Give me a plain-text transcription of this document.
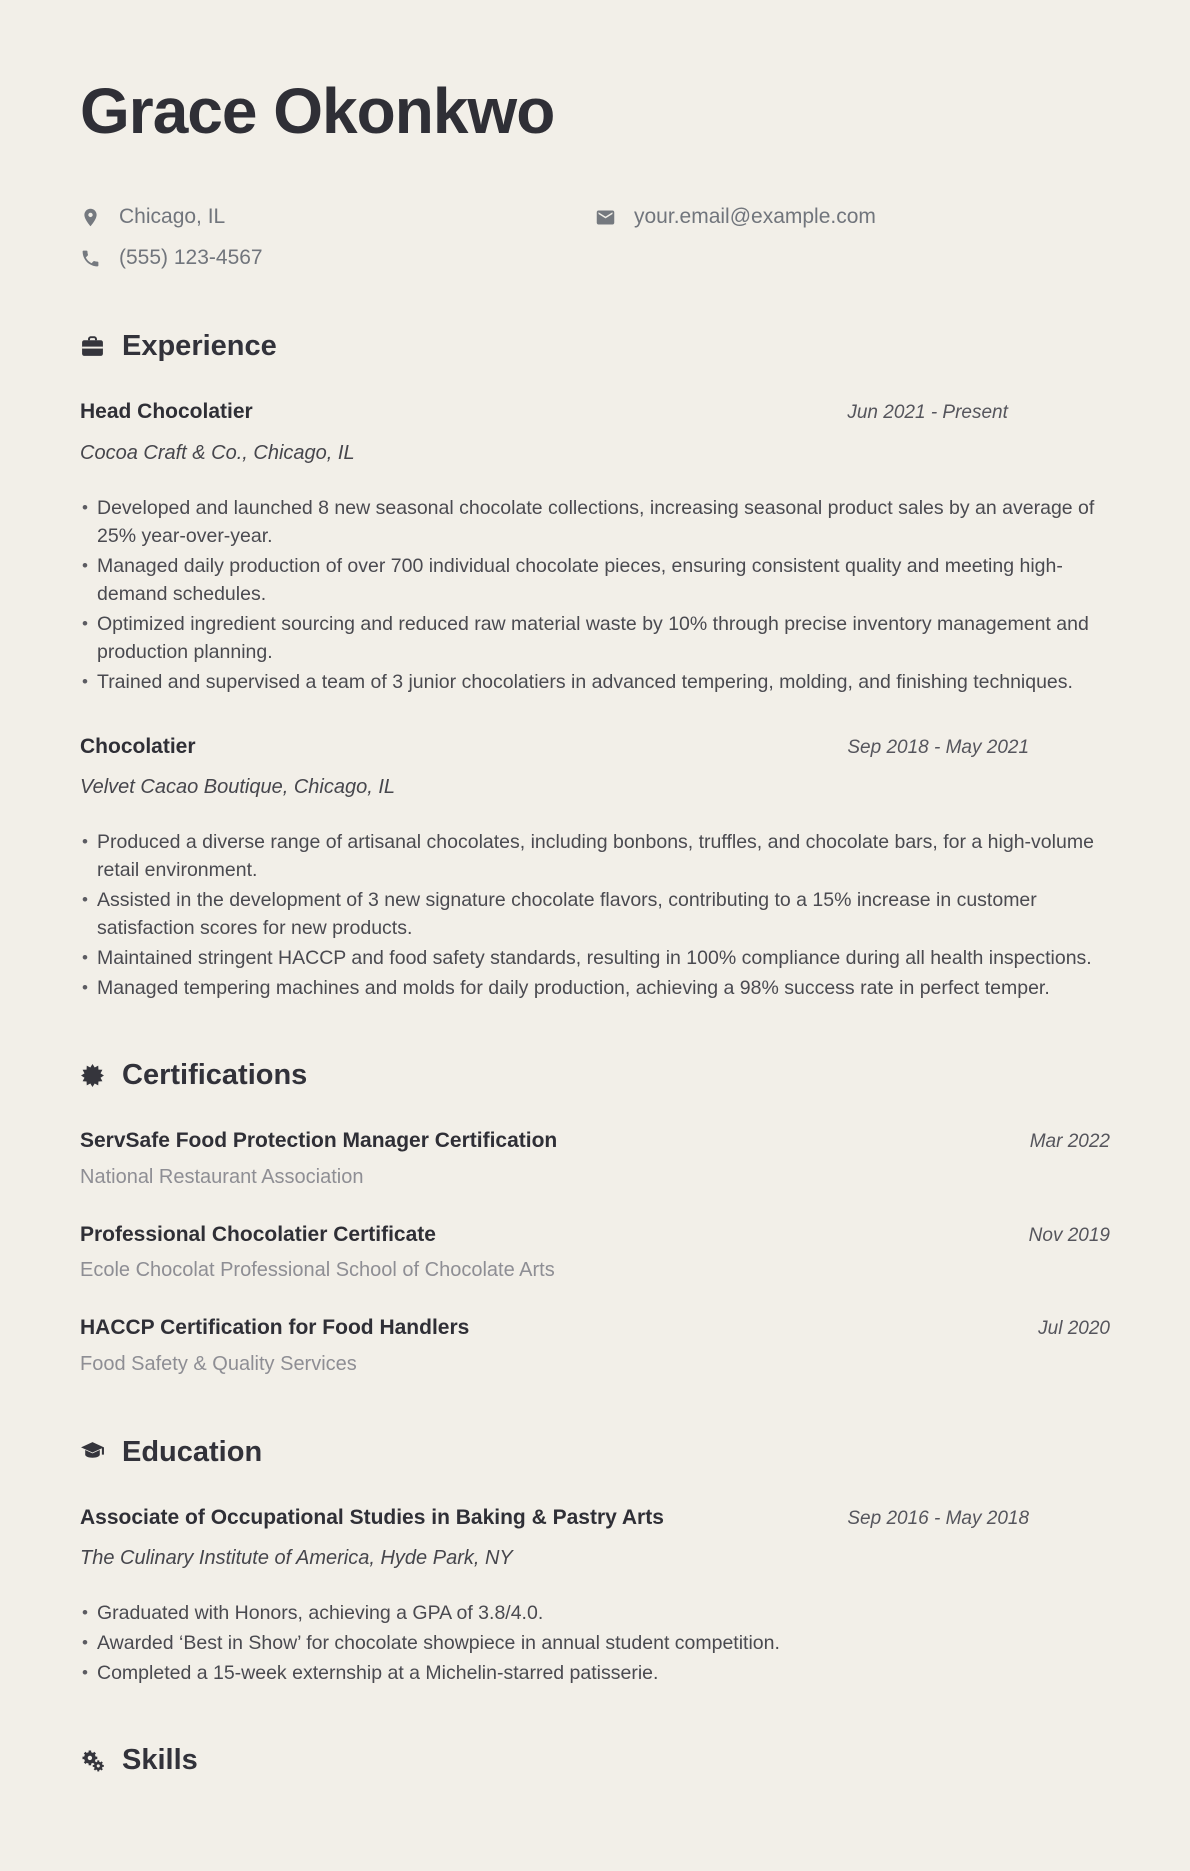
Grace Okonkwo
Chicago, IL	your.email@example.com
(555) 123-4567
Experience
Head Chocolatier	Jun 2021 - Present
Cocoa Craft & Co., Chicago, IL
• Developed and launched 8 new seasonal chocolate collections, increasing seasonal product sales by an average of 25% year-over-year.
• Managed daily production of over 700 individual chocolate pieces, ensuring consistent quality and meeting high-demand schedules.
• Optimized ingredient sourcing and reduced raw material waste by 10% through precise inventory management and production planning.
• Trained and supervised a team of 3 junior chocolatiers in advanced tempering, molding, and finishing techniques.
Chocolatier	Sep 2018 - May 2021
Velvet Cacao Boutique, Chicago, IL
• Produced a diverse range of artisanal chocolates, including bonbons, truffles, and chocolate bars, for a high-volume retail environment.
• Assisted in the development of 3 new signature chocolate flavors, contributing to a 15% increase in customer satisfaction scores for new products.
• Maintained stringent HACCP and food safety standards, resulting in 100% compliance during all health inspections.
• Managed tempering machines and molds for daily production, achieving a 98% success rate in perfect temper.
Certifications
ServSafe Food Protection Manager Certification	Mar 2022
National Restaurant Association
Professional Chocolatier Certificate	Nov 2019
Ecole Chocolat Professional School of Chocolate Arts
HACCP Certification for Food Handlers	Jul 2020
Food Safety & Quality Services
Education
Associate of Occupational Studies in Baking & Pastry Arts	Sep 2016 - May 2018
The Culinary Institute of America, Hyde Park, NY
• Graduated with Honors, achieving a GPA of 3.8/4.0.
• Awarded ‘Best in Show’ for chocolate showpiece in annual student competition.
• Completed a 15-week externship at a Michelin-starred patisserie.
Skills
